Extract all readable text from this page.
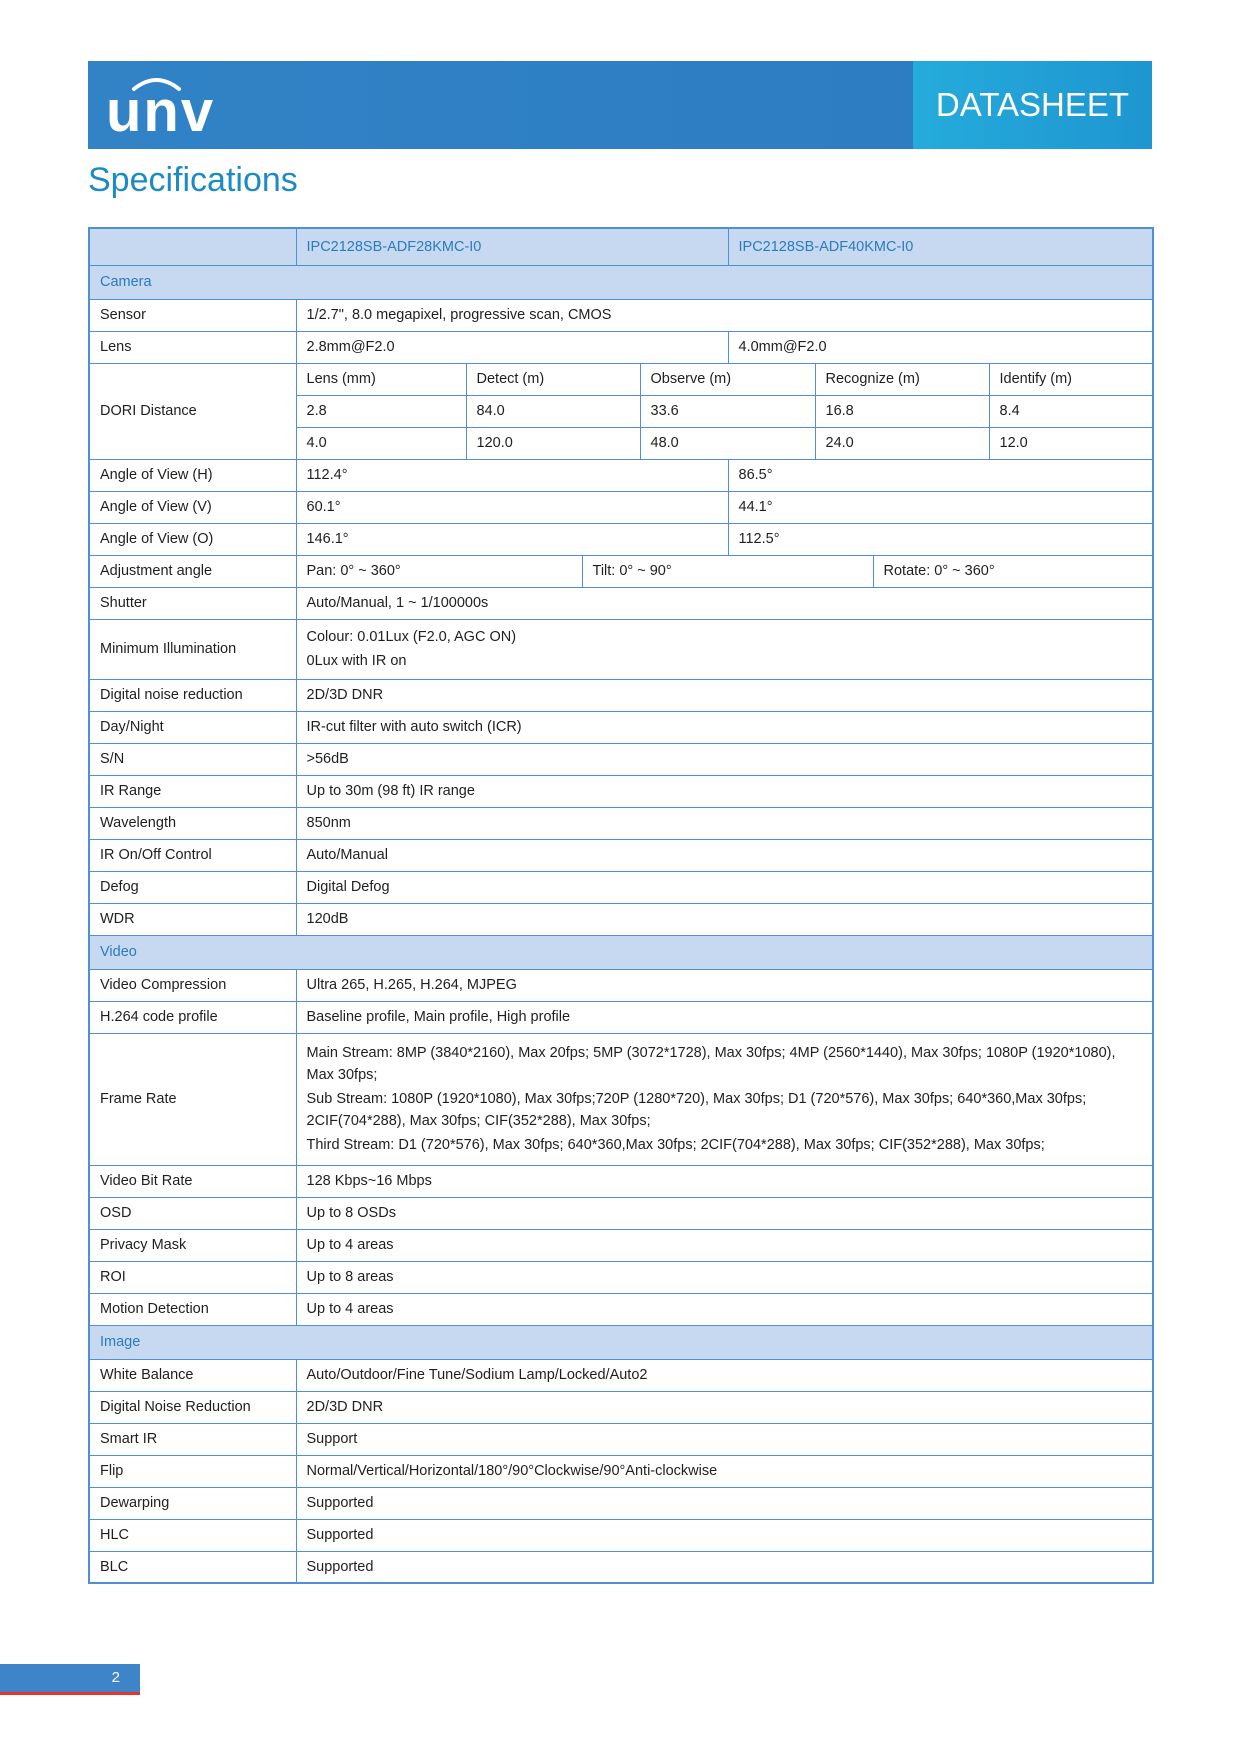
unv	DATASHEET
Specifications
	IPC2128SB-ADF28KMC-I0				IPC2128SB-ADF40KMC-I0			
Camera								
Sensor	1/2.7", 8.0 megapixel, progressive scan, CMOS							
Lens	2.8mm@F2.0				4.0mm@F2.0			
DORI Distance	Lens (mm)	Detect (m)		Observe (m)		Recognize (m)		Identify (m)
	2.8	84.0		33.6		16.8		8.4
	4.0	120.0		48.0		24.0		12.0
Angle of View (H)	112.4°				86.5°			
Angle of View (V)	60.1°				44.1°			
Angle of View (O)	146.1°				112.5°			
Adjustment angle	Pan: 0° ~ 360°		Tilt: 0° ~ 90°				Rotate: 0° ~ 360°	
Shutter	Auto/Manual, 1 ~ 1/100000s							
Minimum Illumination	Colour: 0.01Lux (F2.0, AGC ON)
0Lux with IR on							

Digital noise reduction	2D/3D DNR							
Day/Night	IR-cut filter with auto switch (ICR)							
S/N	>56dB							
IR Range	Up to 30m (98 ft) IR range							
Wavelength	850nm							
IR On/Off Control	Auto/Manual							
Defog	Digital Defog							
WDR	120dB							
Video								
Video Compression	Ultra 265, H.265, H.264, MJPEG							
H.264 code profile	Baseline profile, Main profile, High profile							
Frame Rate	Main Stream: 8MP (3840*2160), Max 20fps; 5MP (3072*1728), Max 30fps; 4MP (2560*1440), Max 30fps; 1080P (1920*1080), Max 30fps;
Sub Stream: 1080P (1920*1080), Max 30fps;720P (1280*720), Max 30fps; D1 (720*576), Max 30fps; 640*360,Max 30fps; 2CIF(704*288), Max 30fps; CIF(352*288), Max 30fps;
Third Stream: D1 (720*576), Max 30fps; 640*360,Max 30fps; 2CIF(704*288), Max 30fps; CIF(352*288), Max 30fps;							

Video Bit Rate	128 Kbps~16 Mbps							
OSD	Up to 8 OSDs							
Privacy Mask	Up to 4 areas							
ROI	Up to 8 areas							
Motion Detection	Up to 4 areas							
Image								
White Balance	Auto/Outdoor/Fine Tune/Sodium Lamp/Locked/Auto2							
Digital Noise Reduction	2D/3D DNR							
Smart IR	Support							
Flip	Normal/Vertical/Horizontal/180°/90°Clockwise/90°Anti-clockwise							
Dewarping	Supported							
HLC	Supported							
BLC	Supported							
2
